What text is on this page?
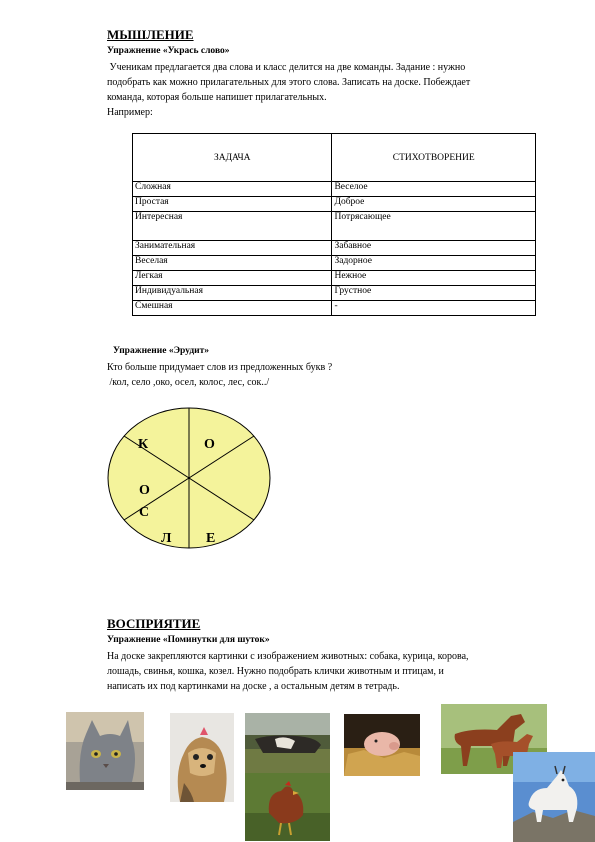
МЫШЛЕНИЕ
Упражнение «Укрась слово»
Ученикам предлагается два слова и класс делится на две команды. Задание : нужно
подобрать как можно прилагательных для этого слова. Записать на доске. Побеждает
команда, которая больше напишет прилагательных.
Например:
ЗАДАЧА	СТИХОТВОРЕНИЕ
Сложная	Веселое
Простая	Доброе
Интересная	Потрясающее
Занимательная	Забавное
Веселая	Задорное
Легкая	Нежное
Индивидуальная	Грустное
Смешная	-
Упражнение «Эрудит»
Кто больше придумает слов из предложенных букв ?
/кол, село ,око, осел, колос, лес, сок../
К	О
О
С
Л Е
ВОСПРИЯТИЕ
Упражнение «Поминутки для шуток»
На доске закрепляются картинки с изображением животных: собака, курица, корова,
лошадь, свинья, кошка, козел. Нужно подобрать клички животным и птицам, и
написать их под картинками на доске , а остальным детям в тетрадь.
